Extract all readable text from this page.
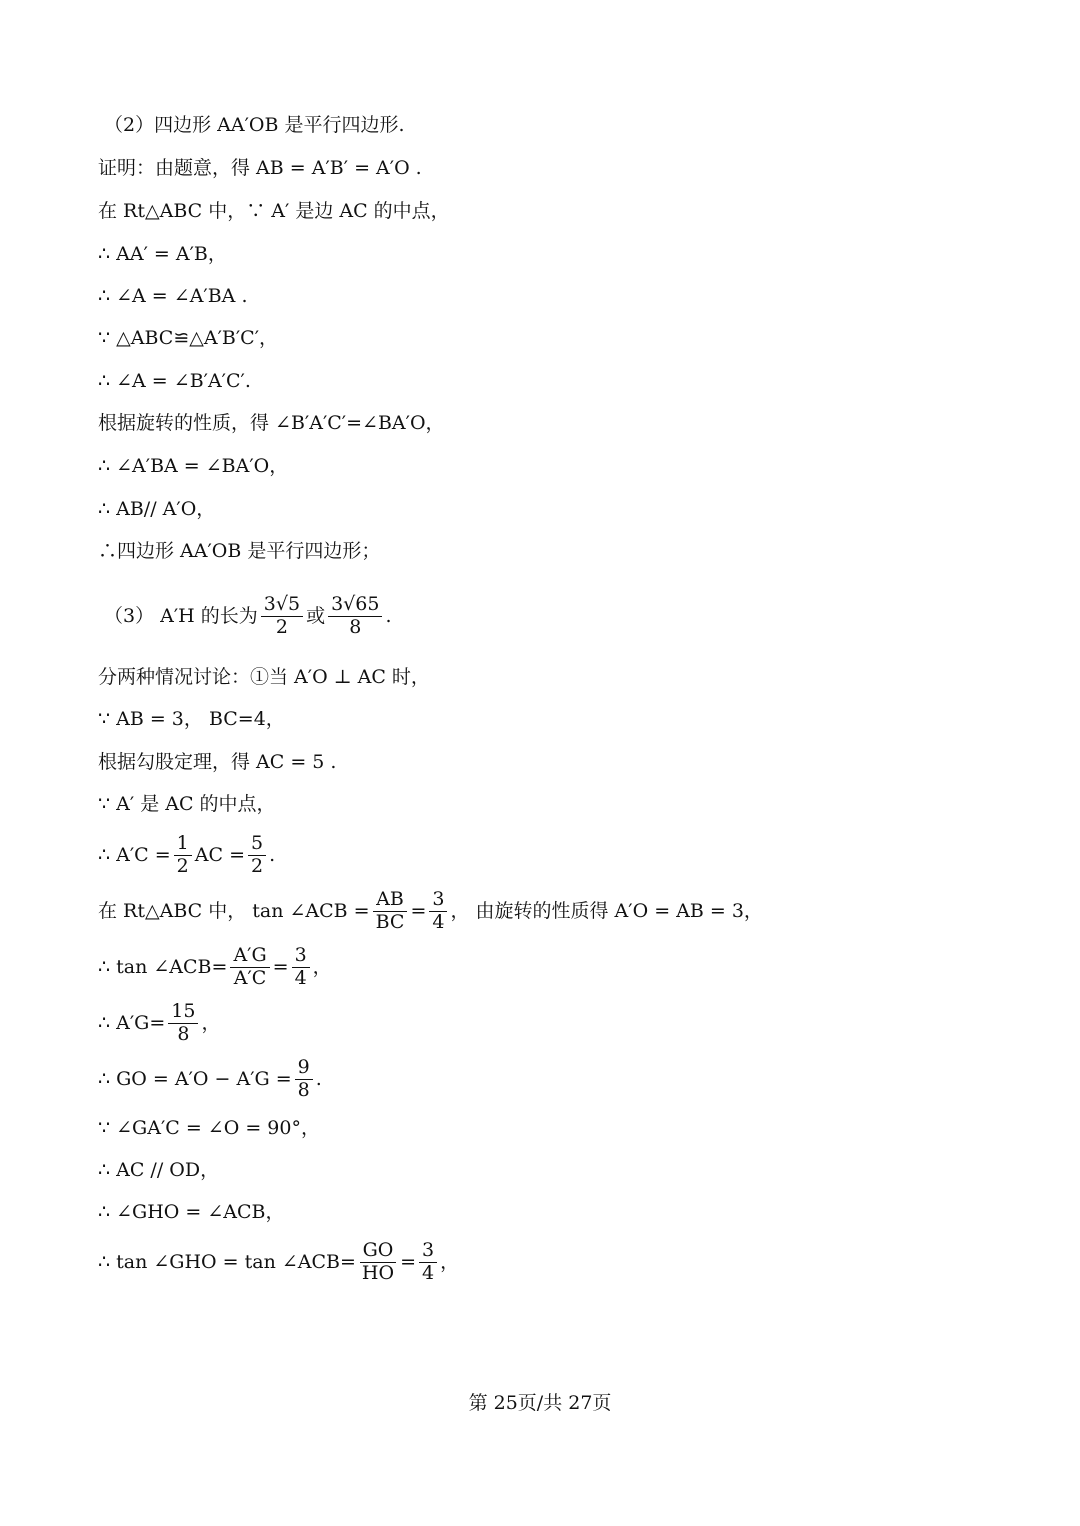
（2）四边形 AA′OB 是平行四边形.
证明：由题意，得 AB = A′B′ = A′O .
在 Rt△ABC 中，∵ A′ 是边 AC 的中点，
∴ AA′ = A′B，
∴ ∠A = ∠A′BA .
∵ △ABC≌△A′B′C′，
∴ ∠A = ∠B′A′C′.
根据旋转的性质，得 ∠B′A′C′=∠BA′O，
∴ ∠A′BA = ∠BA′O，
∴ AB// A′O，
∴四边形 AA′OB 是平行四边形；
（3） A′H 的长为 $\frac{3√5}{2}$ 或 $\frac{3√65}{8}$ .
分两种情况讨论：①当 A′O ⊥ AC 时，
∵ AB = 3， BC=4，
根据勾股定理，得 AC = 5 .
∵ A′ 是 AC 的中点，
∴ $A'C = \frac{1}{2}$ AC = $\frac{5}{2}$ .
在 Rt△ABC 中， tan ∠ACB = $\frac{AB}{BC} = \frac{3}{4}$ ， 由旋转的性质得 A′O = AB = 3，
∴ tan ∠ACB= $\frac{A'G}{A'C} = \frac{3}{4}$ ，
∴ $A'G= \frac{15}{8}$ ，
∴ GO = $A'O - A'G = \frac{9}{8}$ .
∵ ∠GA′C = ∠O = 90°，
∴ AC // OD，
∴ ∠GHO = ∠ACB，
∴ tan ∠GHO = tan ∠ACB= $\frac{GO}{HO} = \frac{3}{4}$ ，
第 25页/共 27页
